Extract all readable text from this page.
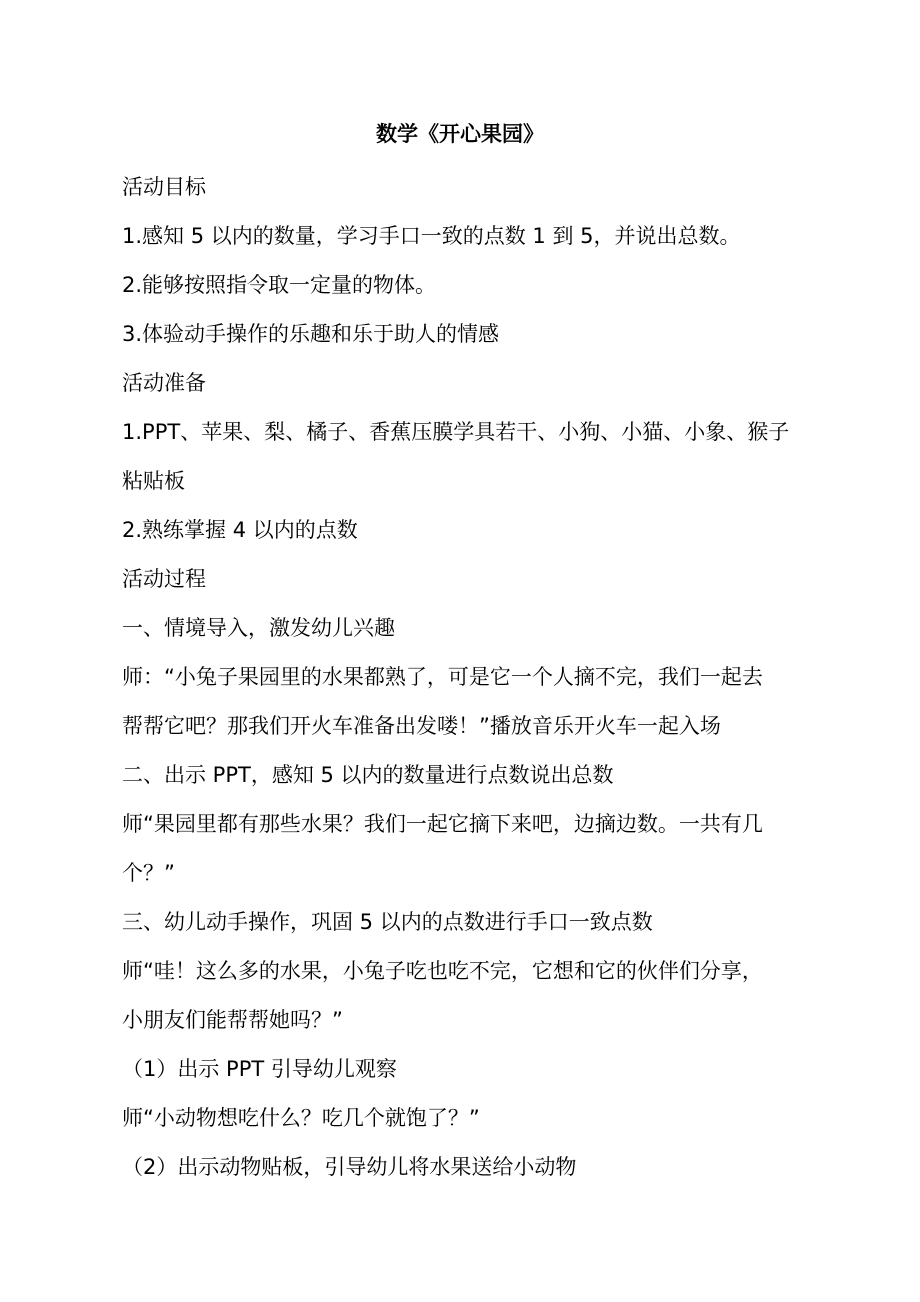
数学《开心果园》
活动目标
1.感知 5 以内的数量，学习手口一致的点数 1 到 5，并说出总数。
2.能够按照指令取一定量的物体。
3.体验动手操作的乐趣和乐于助人的情感
活动准备
1.PPT、苹果、梨、橘子、香蕉压膜学具若干、小狗、小猫、小象、猴子
粘贴板
2.熟练掌握 4 以内的点数
活动过程
一、情境导入，激发幼儿兴趣
师：“小兔子果园里的水果都熟了，可是它一个人摘不完，我们一起去
帮帮它吧？那我们开火车准备出发喽！”播放音乐开火车一起入场
二、出示 PPT，感知 5 以内的数量进行点数说出总数
师“果园里都有那些水果？我们一起它摘下来吧，边摘边数。一共有几
个？”
三、幼儿动手操作，巩固 5 以内的点数进行手口一致点数
师“哇！这么多的水果，小兔子吃也吃不完，它想和它的伙伴们分享，
小朋友们能帮帮她吗？”
（1）出示 PPT 引导幼儿观察
师“小动物想吃什么？吃几个就饱了？”
（2）出示动物贴板，引导幼儿将水果送给小动物
